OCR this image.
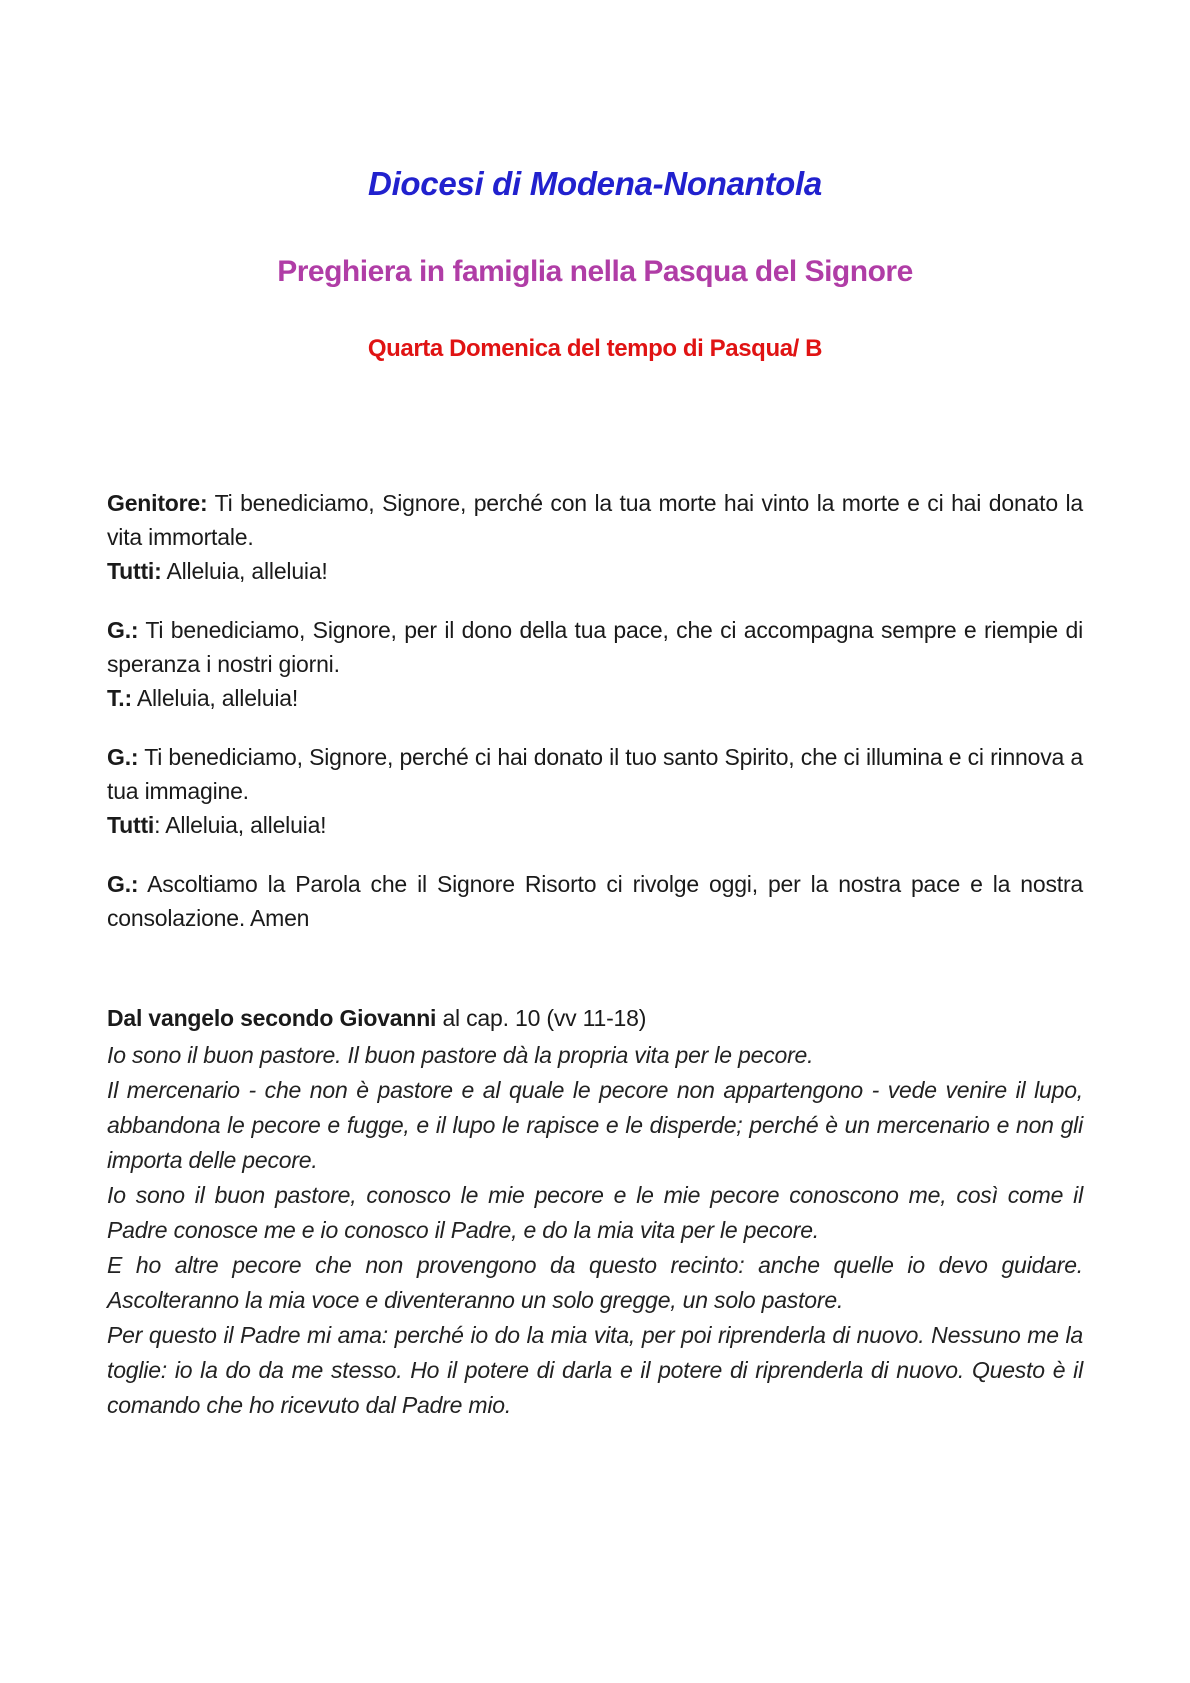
Diocesi di Modena-Nonantola
Preghiera in famiglia nella Pasqua del Signore
Quarta Domenica del tempo di Pasqua/ B

Genitore: Ti benediciamo, Signore, perché con la tua morte hai vinto la morte e ci hai donato la vita immortale.
Tutti: Alleluia, alleluia!

G.: Ti benediciamo, Signore, per il dono della tua pace, che ci accompagna sempre e riempie di speranza i nostri giorni.
T.: Alleluia, alleluia!

G.: Ti benediciamo, Signore, perché ci hai donato il tuo santo Spirito, che ci illumina e ci rinnova a tua immagine.
Tutti: Alleluia, alleluia!

G.: Ascoltiamo la Parola che il Signore Risorto ci rivolge oggi, per la nostra pace e la nostra consolazione. Amen

Dal vangelo secondo Giovanni al cap. 10 (vv 11-18)

Io sono il buon pastore. Il buon pastore dà la propria vita per le pecore.

Il mercenario - che non è pastore e al quale le pecore non appartengono - vede venire il lupo, abbandona le pecore e fugge, e il lupo le rapisce e le disperde; perché è un mercenario e non gli importa delle pecore.

Io sono il buon pastore, conosco le mie pecore e le mie pecore conoscono me, così come il Padre conosce me e io conosco il Padre, e do la mia vita per le pecore.

E ho altre pecore che non provengono da questo recinto: anche quelle io devo guidare. Ascolteranno la mia voce e diventeranno un solo gregge, un solo pastore.

Per questo il Padre mi ama: perché io do la mia vita, per poi riprenderla di nuovo. Nessuno me la toglie: io la do da me stesso. Ho il potere di darla e il potere di riprenderla di nuovo. Questo è il comando che ho ricevuto dal Padre mio.
